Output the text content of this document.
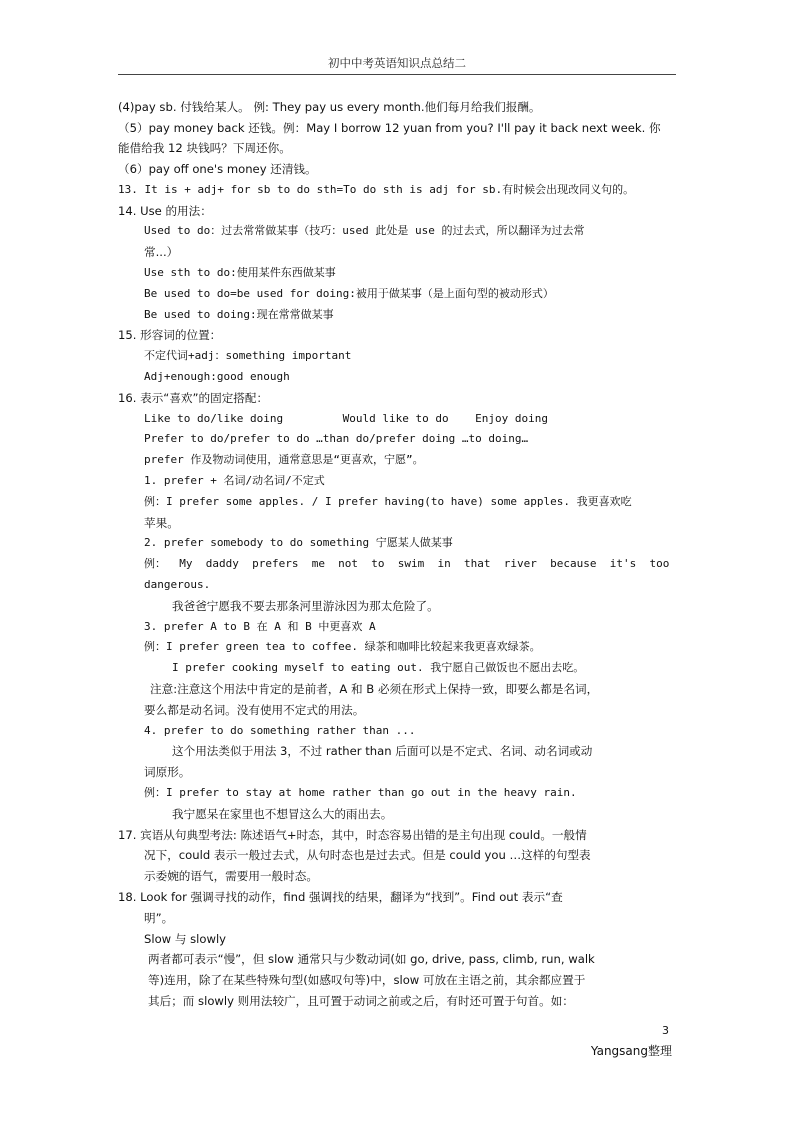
初中中考英语知识点总结二
(4)pay sb. 付钱给某人。 例: They pay us every month.他们每月给我们报酬。
（5）pay money back 还钱。例：May I borrow 12 yuan from you? I'll pay it back next week. 你
能借给我 12 块钱吗？下周还你。
（6）pay off one's money 还清钱。
13. It is + adj+ for sb to do sth=To do sth is adj for sb.有时候会出现改同义句的。
14. Use 的用法：
Used to do：过去常常做某事（技巧：used 此处是 use 的过去式，所以翻译为过去常
常...）
Use sth to do:使用某件东西做某事
Be used to do=be used for doing:被用于做某事（是上面句型的被动形式）
Be used to doing:现在常常做某事
15. 形容词的位置：
不定代词+adj：something important
Adj+enough:good enough
16. 表示“喜欢”的固定搭配：
Like to do/like doing         Would like to do    Enjoy doing
Prefer to do/prefer to do …than do/prefer doing …to doing…
prefer 作及物动词使用，通常意思是“更喜欢，宁愿”。
1. prefer + 名词/动名词/不定式
例：I prefer some apples. / I prefer having(to have) some apples. 我更喜欢吃
苹果。
2. prefer somebody to do something 宁愿某人做某事
例：  My  daddy  prefers  me  not  to  swim  in  that  river  because  it's  too
dangerous.
我爸爸宁愿我不要去那条河里游泳因为那太危险了。
3. prefer A to B 在 A 和 B 中更喜欢 A
例：I prefer green tea to coffee. 绿茶和咖啡比较起来我更喜欢绿茶。
I prefer cooking myself to eating out. 我宁愿自己做饭也不愿出去吃。
注意:注意这个用法中肯定的是前者，A 和 B 必须在形式上保持一致，即要么都是名词，
要么都是动名词。没有使用不定式的用法。
4. prefer to do something rather than ...
这个用法类似于用法 3，不过 rather than 后面可以是不定式、名词、动名词或动
词原形。
例：I prefer to stay at home rather than go out in the heavy rain.
我宁愿呆在家里也不想冒这么大的雨出去。
17. 宾语从句典型考法: 陈述语气+时态，其中，时态容易出错的是主句出现 could。一般情
况下，could 表示一般过去式，从句时态也是过去式。但是 could you …这样的句型表
示委婉的语气，需要用一般时态。
18. Look for 强调寻找的动作，find 强调找的结果，翻译为“找到”。Find out 表示“查
明”。
Slow 与 slowly
两者都可表示“慢”，但 slow 通常只与少数动词(如 go, drive, pass, climb, run, walk
等)连用，除了在某些特殊句型(如感叹句等)中，slow 可放在主语之前，其余都应置于
其后；而 slowly 则用法较广，且可置于动词之前或之后，有时还可置于句首。如：
3
Yangsang整理
